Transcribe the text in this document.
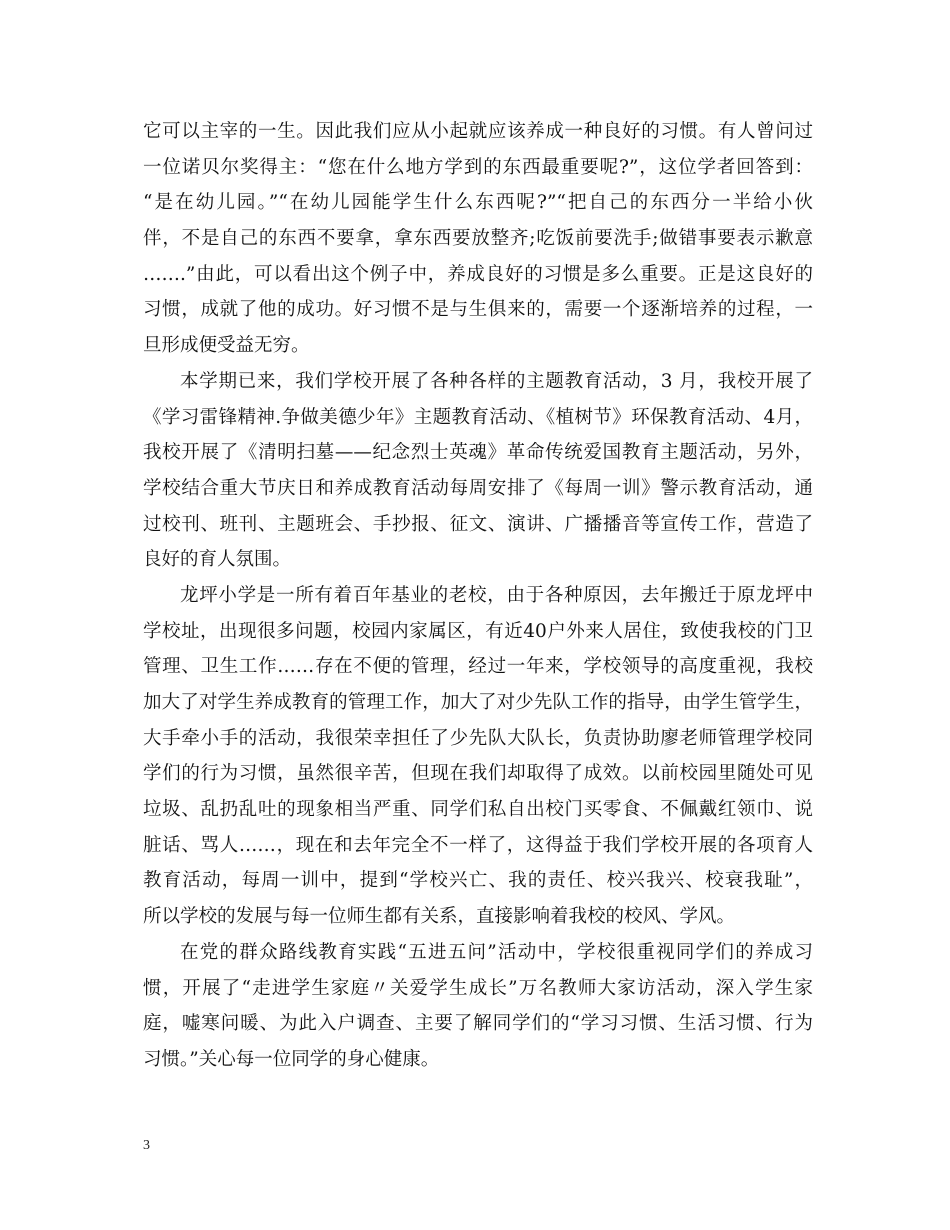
它可以主宰的一生。因此我们应从小起就应该养成一种良好的习惯。有人曾问过
一位诺贝尔奖得主：“您在什么地方学到的东西最重要呢?”，这位学者回答到：
“是在幼儿园。”“在幼儿园能学生什么东西呢?”“把自己的东西分一半给小伙
伴，不是自己的东西不要拿，拿东西要放整齐;吃饭前要洗手;做错事要表示歉意
…….”由此，可以看出这个例子中，养成良好的习惯是多么重要。正是这良好的
习惯，成就了他的成功。好习惯不是与生俱来的，需要一个逐渐培养的过程，一
旦形成便受益无穷。
本学期已来，我们学校开展了各种各样的主题教育活动，3 月，我校开展了
《学习雷锋精神.争做美德少年》主题教育活动、《植树节》环保教育活动、4月，
我校开展了《清明扫墓——纪念烈士英魂》革命传统爱国教育主题活动，另外，
学校结合重大节庆日和养成教育活动每周安排了《每周一训》警示教育活动，通
过校刊、班刊、主题班会、手抄报、征文、演讲、广播播音等宣传工作，营造了
良好的育人氛围。
龙坪小学是一所有着百年基业的老校，由于各种原因，去年搬迁于原龙坪中
学校址，出现很多问题，校园内家属区，有近40户外来人居住，致使我校的门卫
管理、卫生工作……存在不便的管理，经过一年来，学校领导的高度重视，我校
加大了对学生养成教育的管理工作，加大了对少先队工作的指导，由学生管学生，
大手牵小手的活动，我很荣幸担任了少先队大队长，负责协助廖老师管理学校同
学们的行为习惯，虽然很辛苦，但现在我们却取得了成效。以前校园里随处可见
垃圾、乱扔乱吐的现象相当严重、同学们私自出校门买零食、不佩戴红领巾、说
脏话、骂人……，现在和去年完全不一样了，这得益于我们学校开展的各项育人
教育活动，每周一训中，提到“学校兴亡、我的责任、校兴我兴、校衰我耻”，
所以学校的发展与每一位师生都有关系，直接影响着我校的校风、学风。
在党的群众路线教育实践“五进五问”活动中，学校很重视同学们的养成习
惯，开展了“走进学生家庭〃关爱学生成长”万名教师大家访活动，深入学生家
庭，嘘寒问暖、为此入户调查、主要了解同学们的“学习习惯、生活习惯、行为
习惯。”关心每一位同学的身心健康。
3
